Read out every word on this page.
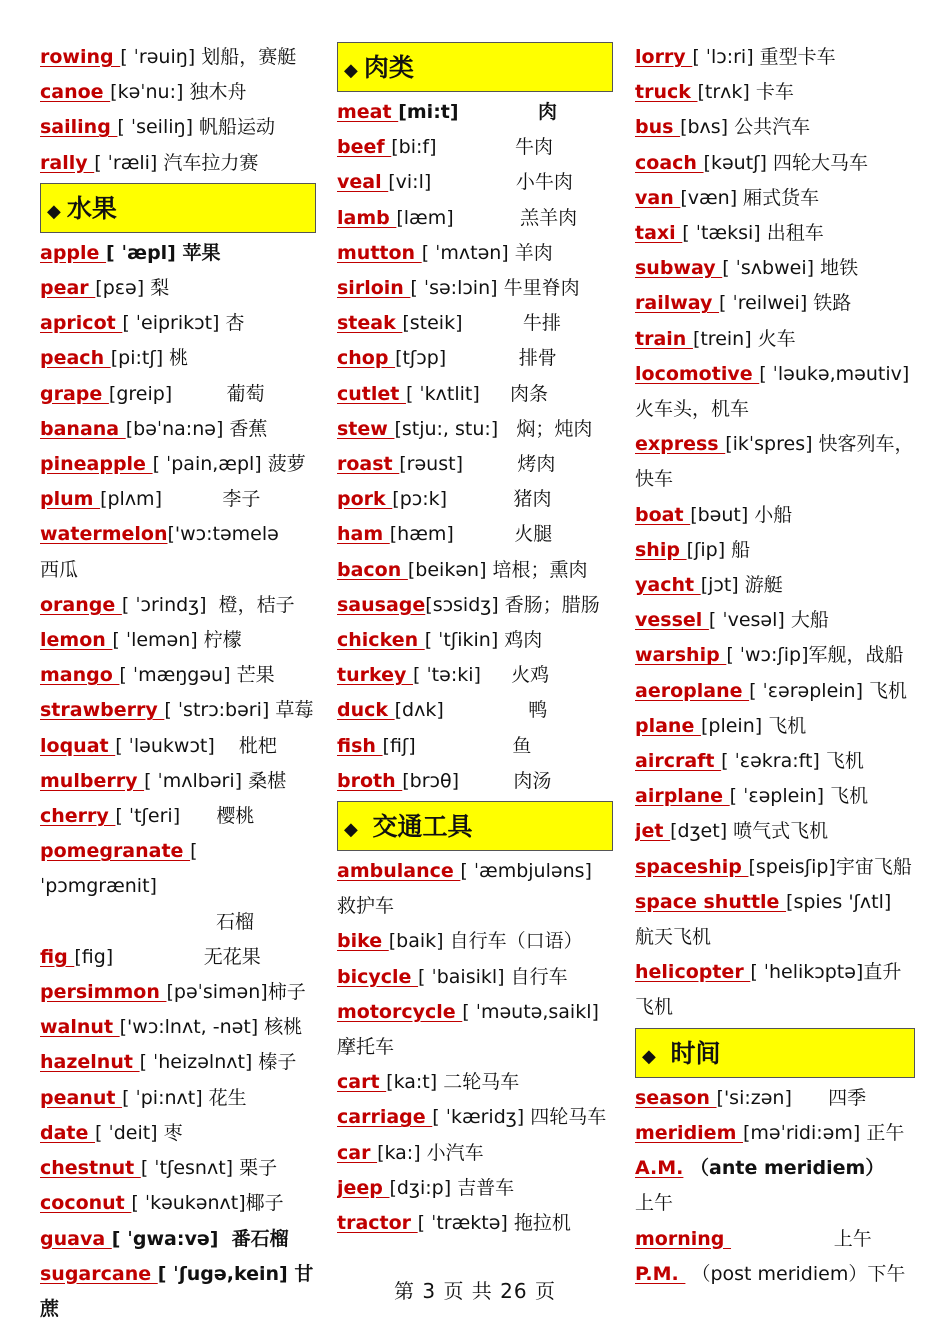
rowing [ ˈrəuiŋ] 划船，赛艇
canoe [kəˈnu:] 独木舟
sailing [ ˈseiliŋ] 帆船运动
rally [ ˈræli] 汽车拉力赛
◆ 水果
apple [ ˈæpl] 苹果
pear [pɛə] 梨
apricot [ ˈeiprikɔt] 杏
peach [pi:tʃ] 桃
grape [greip]         葡萄
banana [bəˈna:nə] 香蕉
pineapple [ ˈpain,æpl] 菠萝
plum [plʌm]          李子
watermelon['wɔ:təmelə西瓜
orange [ ˈɔrindʒ]  橙，桔子
lemon [ ˈlemən] 柠檬
mango [ ˈmæŋgəu] 芒果
strawberry [ ˈstrɔ:bəri] 草莓
loquat [ ˈləukwɔt]    枇杷
mulberry [ ˈmʌlbəri] 桑椹
cherry [ ˈtʃeri]      樱桃
pomegranate [ ˈpɔmgrænit]
石榴
fig [fig]               无花果
persimmon [pəˈsimən]柿子
walnut ['wɔ:lnʌt, -nət] 核桃
hazelnut [ ˈheizəlnʌt] 榛子
peanut [ ˈpi:nʌt] 花生
date [ ˈdeit] 枣
chestnut [ ˈtʃesnʌt] 栗子
coconut [ ˈkəukənʌt]椰子
guava [ ˈgwa:və]  番石榴
sugarcane [ ˈʃugə,kein] 甘蔗
◆ 肉类
meat [mi:t]            肉
beef [bi:f]             牛肉
veal [vi:l]              小牛肉
lamb [læm]           羔羊肉
mutton [ ˈmʌtən] 羊肉
sirloin [ ˈsə:lɔin] 牛里脊肉
steak [steik]          牛排
chop [tʃɔp]            排骨
cutlet [ ˈkʌtlit]     肉条
stew [stju:, stu:]   焖；炖肉
roast [rəust]         烤肉
pork [pɔ:k]           猪肉
ham [hæm]          火腿
bacon [beikən] 培根；熏肉
sausage[sɔsidʒ] 香肠；腊肠
chicken [ ˈtʃikin] 鸡肉
turkey [ ˈtə:ki]     火鸡
duck [dʌk]              鸭
fish [fiʃ]                鱼
broth [brɔθ]         肉汤
◆ 交通工具
ambulance [ ˈæmbjuləns] 救护车
bike [baik] 自行车（口语）
bicycle [ ˈbaisikl] 自行车
motorcycle [ ˈməutə,saikl] 摩托车
cart [ka:t] 二轮马车
carriage [ ˈkæridʒ] 四轮马车
car [ka:] 小汽车
jeep [dʒi:p] 吉普车
tractor [ ˈtræktə] 拖拉机
lorry [ ˈlɔ:ri] 重型卡车
truck [trʌk] 卡车
bus [bʌs] 公共汽车
coach [kəutʃ] 四轮大马车
van [væn] 厢式货车
taxi [ ˈtæksi] 出租车
subway [ ˈsʌbwei] 地铁
railway [ ˈreilwei] 铁路
train [trein] 火车
locomotive [ ˈləukə,məutiv] 火车头，机车
express [ikˈspres] 快客列车，快车
boat [bəut] 小船
ship [ʃip] 船
yacht [jɔt] 游艇
vessel [ ˈvesəl] 大船
warship [ ˈwɔ:ʃip]军舰，战船
aeroplane [ ˈɛərəplein] 飞机
plane [plein] 飞机
aircraft [ ˈɛəkra:ft] 飞机
airplane [ ˈɛəplein] 飞机
jet [dʒet] 喷气式飞机
spaceship [speisʃip]宇宙飞船
space shuttle [spies 'ʃʌtl] 航天飞机
helicopter [ ˈhelikɔptə]直升飞机
◆ 时间
season ['si:zən]      四季
meridiem [məˈridi:əm] 正午
A.M. （ante meridiem）上午
morning	上午
P.M.  （post meridiem）下午
第 3 页 共 26 页
